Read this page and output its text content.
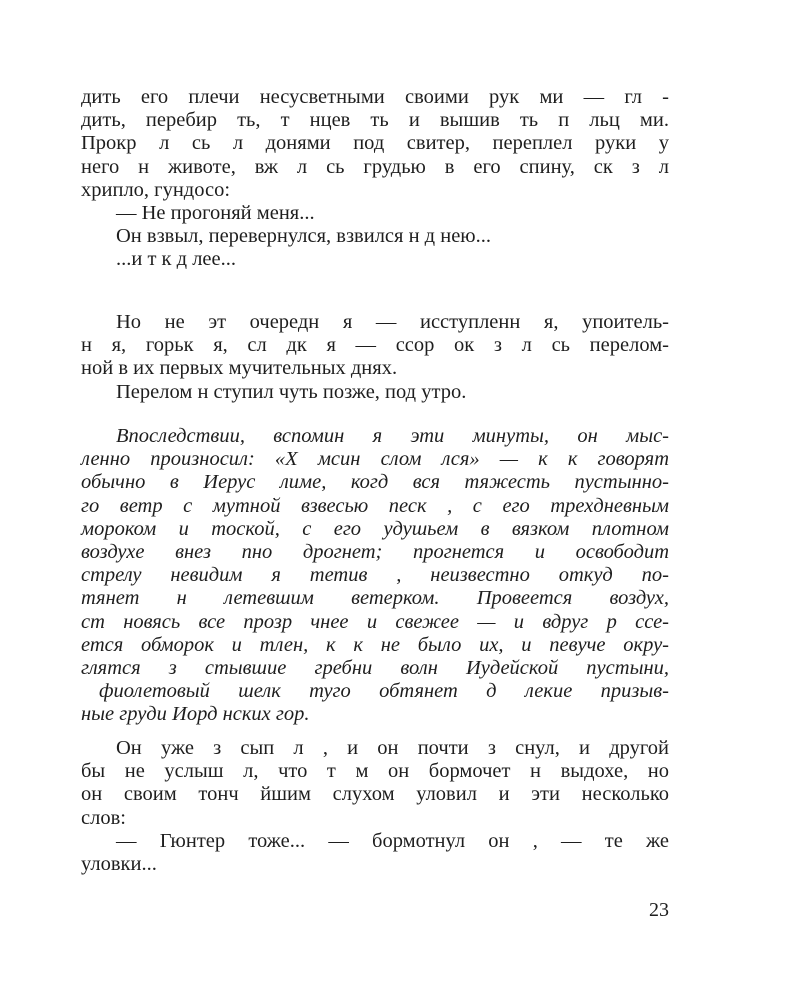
дить его плечи несусветными своими рук ми — гл -
дить, перебир ть, т нцев ть и вышив ть п льц ми.
Прокр л сь л донями под свитер, переплел руки у
него н животе, вж л сь грудью в его спину, ск з л
хрипло, гундосо:
— Не прогоняй меня...
Он взвыл, перевернулся, взвился н д нею...
...и т к д лее...
Но не эт очередн я — исступленн я, упоитель-
н я, горьк я, сл дк я — ссор ок з л сь перелом-
ной в их первых мучительных днях.
Перелом н ступил чуть позже, под утро.
Впоследствии, вспомин я эти минуты, он мыс-
ленно произносил: «Х мсин слом лся» — к к говорят
обычно в Иерус лиме, когд вся тяжесть пустынно-
го ветр с мутной взвесью песк , с его трехдневным
мороком и тоской, с его удушьем в вязком плотном
воздухе внез пно дрогнет; прогнется и освободит
стрелу невидим я тетив , неизвестно откуд по-
тянет н летевшим ветерком. Провеется воздух,
ст новясь все прозр чнее и свежее — и вдруг р ссе-
ется обморок и тлен, к к не было их, и певуче окру-
глятся з стывшие гребни волн Иудейской пустыни,
фиолетовый шелк туго обтянет д лекие призыв-
ные груди Иорд нских гор.
Он уже з сып л , и он почти з снул, и другой
бы не услыш л, что т м он бормочет н выдохе, но
он своим тонч йшим слухом уловил и эти несколько
слов:
— Гюнтер тоже... — бормотнул он , — те же
уловки...
23
